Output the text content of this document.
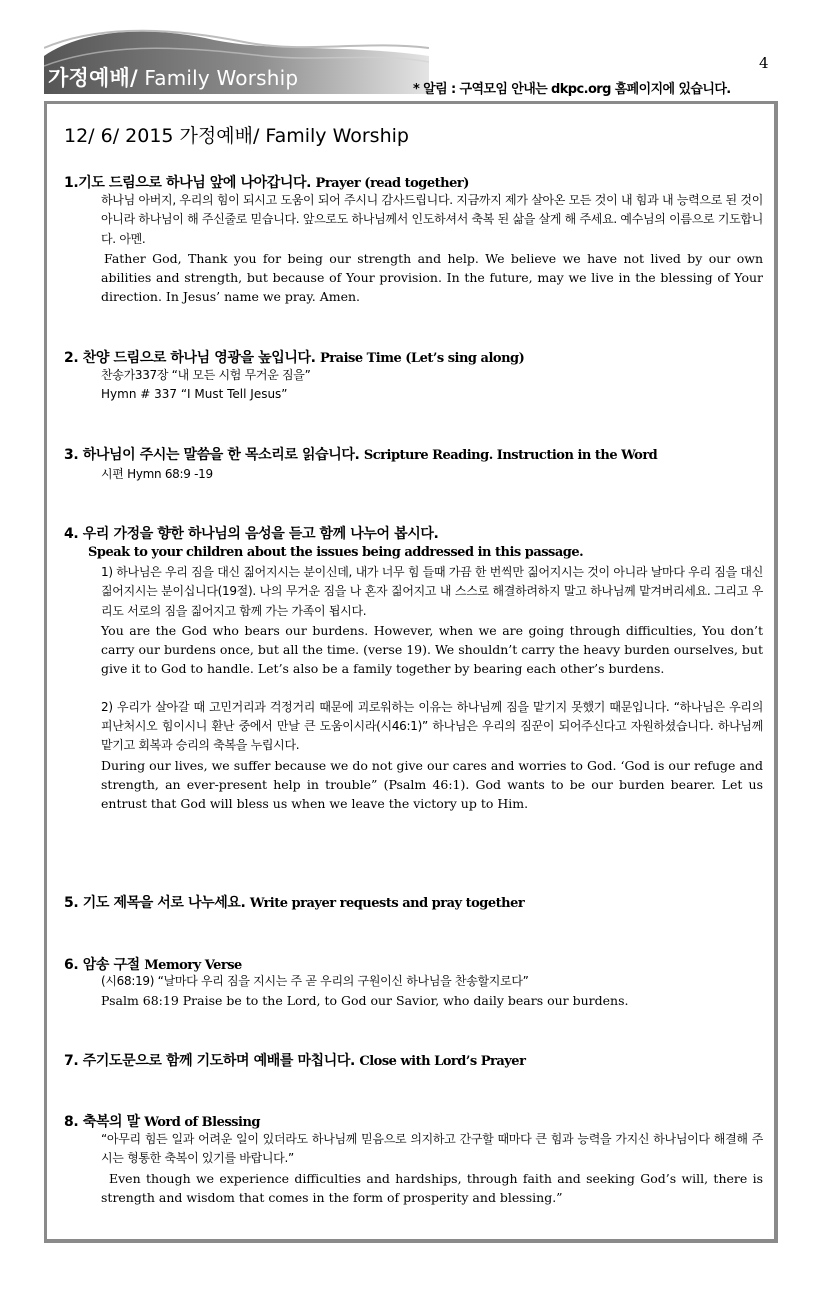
가정예배/ Family Worship
4
* 알림 : 구역모임 안내는 dkpc.org 홈페이지에 있습니다.
12/ 6/ 2015 가정예배/ Family Worship
1.기도 드림으로 하나님 앞에 나아갑니다. Prayer (read together)

하나님 아버지, 우리의 힘이 되시고 도움이 되어 주시니 감사드립니다. 지금까지 제가 살아온 모든 것이 내 힘과 내 능력으로 된 것이 아니라 하나님이 해 주신줄로 믿습니다. 앞으로도 하나님께서 인도하셔서 축복 된 삶을 살게 해 주세요. 예수님의 이름으로 기도합니다. 아멘.

Father God, Thank you for being our strength and help. We believe we have not lived by our own abilities and strength, but because of Your provision. In the future, may we live in the blessing of Your direction. In Jesus’ name we pray. Amen.

2. 찬양 드림으로 하나님 영광을 높입니다. Praise Time (Let’s sing along)
찬송가337장 “내 모든 시험 무거운 짐을”
Hymn # 337 “I Must Tell Jesus”
3. 하나님이 주시는 말씀을 한 목소리로 읽습니다. Scripture Reading. Instruction in the Word
시편 Hymn 68:9 -19
4. 우리 가정을 향한 하나님의 음성을 듣고 함께 나누어 봅시다.
Speak to your children about the issues being addressed in this passage.

1) 하나님은 우리 짐을 대신 짊어지시는 분이신데, 내가 너무 힘 들때 가끔 한 번씩만 짊어지시는 것이 아니라 날마다 우리 짐을 대신 짊어지시는 분이십니다(19절). 나의 무거운 짐을 나 혼자 짊어지고 내 스스로 해결하려하지 말고 하나님께 맡겨버리세요. 그리고 우리도 서로의 짐을 짊어지고 함께 가는 가족이 됩시다.

You are the God who bears our burdens. However, when we are going through difficulties, You don’t carry our burdens once, but all the time. (verse 19). We shouldn’t carry the heavy burden ourselves, but give it to God to handle. Let’s also be a family together by bearing each other’s burdens.

2) 우리가 살아갈 때 고민거리과 걱정거리 때문에 괴로워하는 이유는 하나님께 짐을 맡기지 못했기 때문입니다. “하나님은 우리의 피난처시오 힘이시니 환난 중에서 만날 큰 도움이시라(시46:1)” 하나님은 우리의 짐꾼이 되어주신다고 자원하셨습니다. 하나님께 맡기고 회복과 승리의 축복을 누립시다.

During our lives, we suffer because we do not give our cares and worries to God. ‘God is our refuge and strength, an ever-present help in trouble” (Psalm 46:1). God wants to be our burden bearer. Let us entrust that God will bless us when we leave the victory up to Him.

5. 기도 제목을 서로 나누세요. Write prayer requests and pray together
6. 암송 구절 Memory Verse
(시68:19) “날마다 우리 짐을 지시는 주 곧 우리의 구원이신 하나님을 찬송할지로다”
Psalm 68:19 Praise be to the Lord, to God our Savior, who daily bears our burdens.
7. 주기도문으로 함께 기도하며 예배를 마칩니다. Close with Lord’s Prayer
8. 축복의 말 Word of Blessing

“아무리 힘든 일과 어려운 일이 있더라도 하나님께 믿음으로 의지하고 간구할 때마다 큰 힘과 능력을 가지신 하나님이다 해결해 주시는 형통한 축복이 있기를 바랍니다.”

Even though we experience difficulties and hardships, through faith and seeking God’s will, there is strength and wisdom that comes in the form of prosperity and blessing.”
